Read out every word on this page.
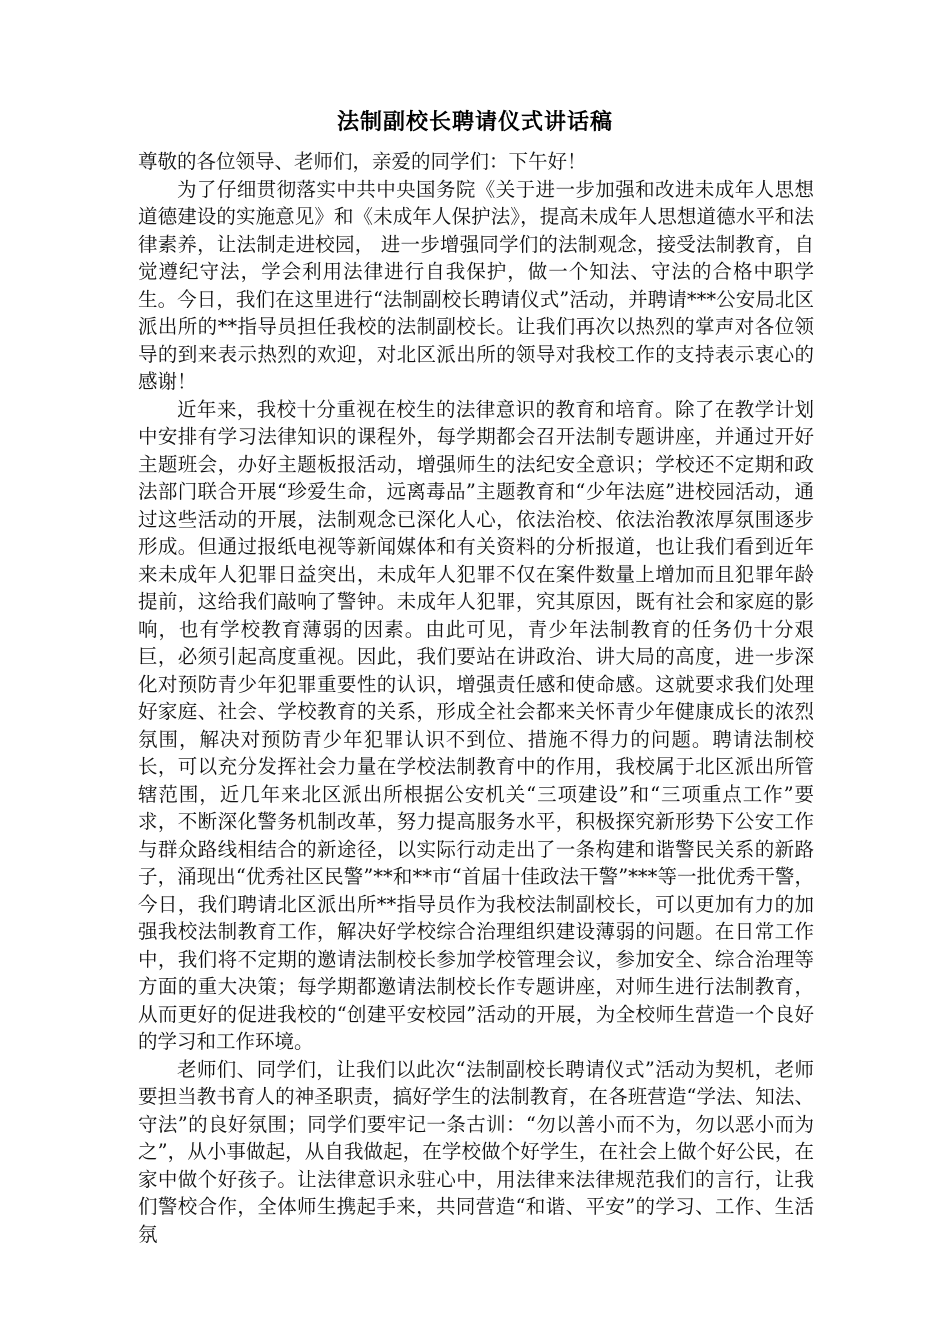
法制副校长聘请仪式讲话稿

尊敬的各位领导、老师们，亲爱的同学们：下午好！

为了仔细贯彻落实中共中央国务院《关于进一步加强和改进未成年人思想道德建设的实施意见》和《未成年人保护法》，提高未成年人思想道德水平和法律素养，让法制走进校园， 进一步增强同学们的法制观念，接受法制教育，自觉遵纪守法，学会利用法律进行自我保护，做一个知法、守法的合格中职学生。今日，我们在这里进行“法制副校长聘请仪式”活动，并聘请***公安局北区派出所的**指导员担任我校的法制副校长。让我们再次以热烈的掌声对各位领导的到来表示热烈的欢迎，对北区派出所的领导对我校工作的支持表示衷心的感谢！

近年来，我校十分重视在校生的法律意识的教育和培育。除了在教学计划中安排有学习法律知识的课程外，每学期都会召开法制专题讲座，并通过开好主题班会，办好主题板报活动，增强师生的法纪安全意识；学校还不定期和政法部门联合开展“珍爱生命，远离毒品”主题教育和“少年法庭”进校园活动，通过这些活动的开展，法制观念已深化人心，依法治校、依法治教浓厚氛围逐步形成。但通过报纸电视等新闻媒体和有关资料的分析报道，也让我们看到近年来未成年人犯罪日益突出，未成年人犯罪不仅在案件数量上增加而且犯罪年龄提前，这给我们敲响了警钟。未成年人犯罪，究其原因，既有社会和家庭的影响，也有学校教育薄弱的因素。由此可见，青少年法制教育的任务仍十分艰巨，必须引起高度重视。因此，我们要站在讲政治、讲大局的高度，进一步深化对预防青少年犯罪重要性的认识，增强责任感和使命感。这就要求我们处理好家庭、社会、学校教育的关系，形成全社会都来关怀青少年健康成长的浓烈氛围，解决对预防青少年犯罪认识不到位、措施不得力的问题。聘请法制校长，可以充分发挥社会力量在学校法制教育中的作用，我校属于北区派出所管辖范围，近几年来北区派出所根据公安机关“三项建设”和“三项重点工作”要求，不断深化警务机制改革，努力提高服务水平，积极探究新形势下公安工作与群众路线相结合的新途径，以实际行动走出了一条构建和谐警民关系的新路子，涌现出“优秀社区民警”**和**市“首届十佳政法干警”***等一批优秀干警，今日，我们聘请北区派出所**指导员作为我校法制副校长，可以更加有力的加强我校法制教育工作，解决好学校综合治理组织建设薄弱的问题。在日常工作中，我们将不定期的邀请法制校长参加学校管理会议，参加安全、综合治理等方面的重大决策；每学期都邀请法制校长作专题讲座，对师生进行法制教育，从而更好的促进我校的“创建平安校园”活动的开展，为全校师生营造一个良好的学习和工作环境。

老师们、同学们，让我们以此次“法制副校长聘请仪式”活动为契机，老师要担当教书育人的神圣职责，搞好学生的法制教育，在各班营造“学法、知法、守法”的良好氛围；同学们要牢记一条古训：“勿以善小而不为，勿以恶小而为之”，从小事做起，从自我做起，在学校做个好学生，在社会上做个好公民，在家中做个好孩子。让法律意识永驻心中，用法律来法律规范我们的言行，让我们警校合作，全体师生携起手来，共同营造“和谐、平安”的学习、工作、生活氛
